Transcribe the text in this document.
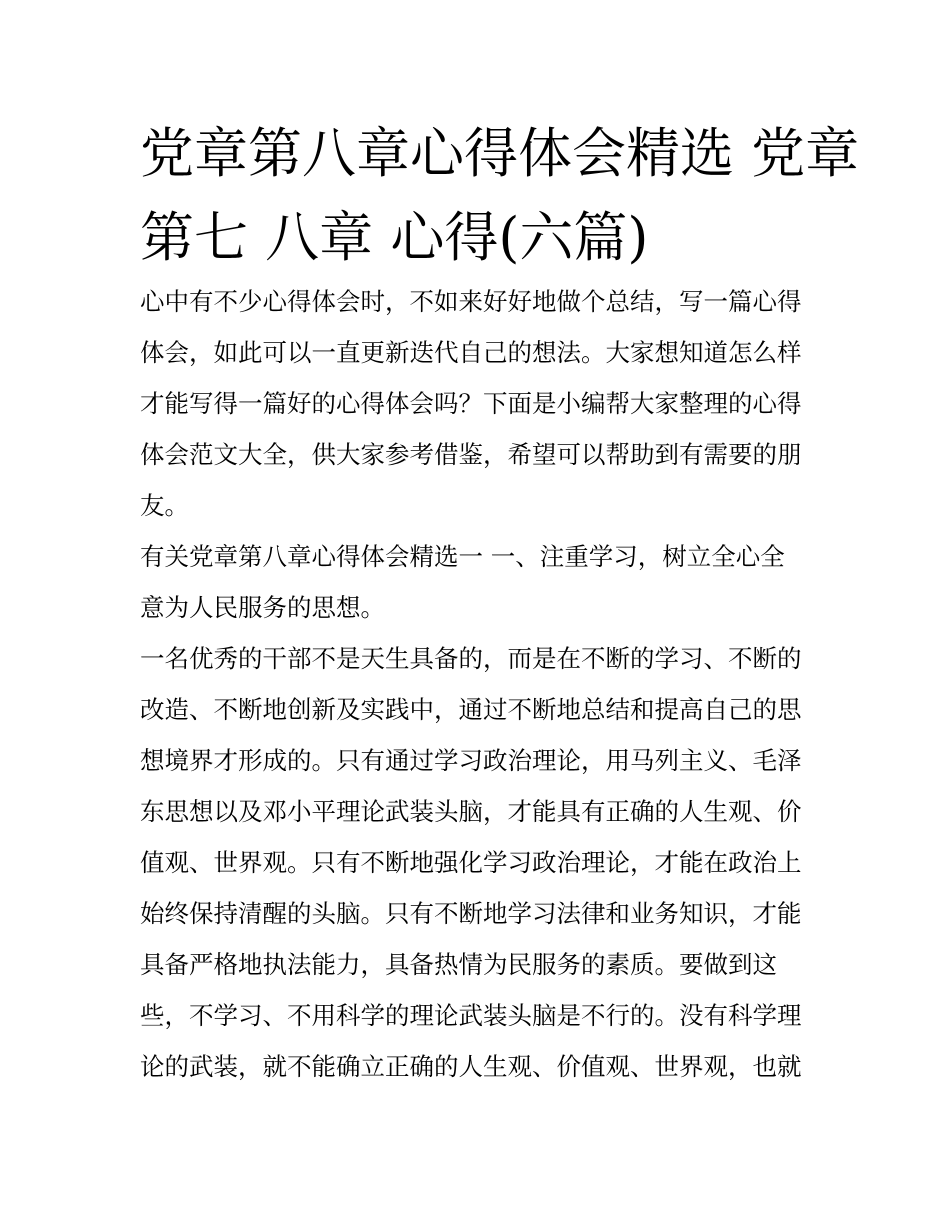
党章第八章心得体会精选 党章
第七 八章 心得(六篇)
心中有不少心得体会时，不如来好好地做个总结，写一篇心得
体会，如此可以一直更新迭代自己的想法。大家想知道怎么样
才能写得一篇好的心得体会吗？下面是小编帮大家整理的心得
体会范文大全，供大家参考借鉴，希望可以帮助到有需要的朋
友。
有关党章第八章心得体会精选一 一、注重学习，树立全心全
意为人民服务的思想。
一名优秀的干部不是天生具备的，而是在不断的学习、不断的
改造、不断地创新及实践中，通过不断地总结和提高自己的思
想境界才形成的。只有通过学习政治理论，用马列主义、毛泽
东思想以及邓小平理论武装头脑，才能具有正确的人生观、价
值观、世界观。只有不断地强化学习政治理论，才能在政治上
始终保持清醒的头脑。只有不断地学习法律和业务知识，才能
具备严格地执法能力，具备热情为民服务的素质。要做到这
些，不学习、不用科学的理论武装头脑是不行的。没有科学理
论的武装，就不能确立正确的人生观、价值观、世界观，也就
